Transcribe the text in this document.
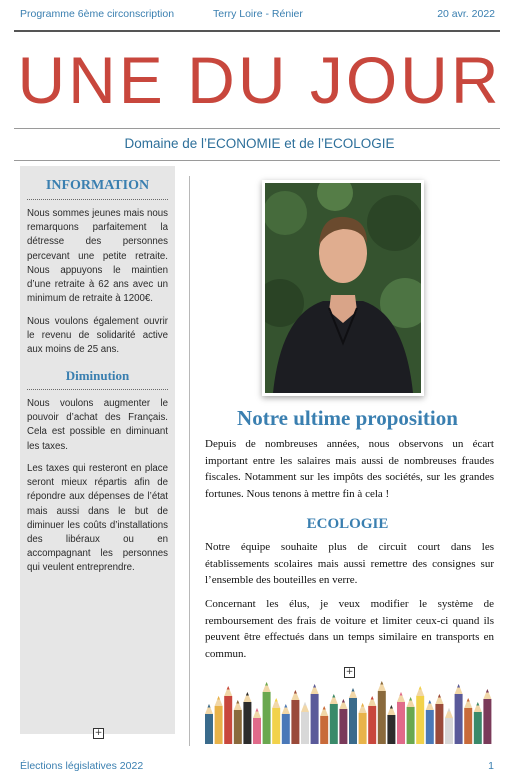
Programme 6ème circonscription	Terry Loire - Rénier	20 avr. 2022
UNE DU JOUR
Domaine de l’ECONOMIE et de l’ECOLOGIE
INFORMATION
Nous sommes jeunes mais nous remarquons parfaitement la détresse des personnes percevant une petite retraite. Nous appuyons le maintien d’une retraite à 62 ans avec un minimum de retraite à 1200€.
Nous voulons également ouvrir le revenu de solidarité active aux moins de 25 ans.
Diminution
Nous voulons augmenter le pouvoir d’achat des Français. Cela est possible en diminuant les taxes.
Les taxes qui resteront en place seront mieux répartis afin de répondre aux dépenses de l’état mais aussi dans le but de diminuer les coûts d’installations des libéraux ou en accompagnant les personnes qui veulent entreprendre.
+
Notre ultime proposition
Depuis de nombreuses années, nous observons un écart important entre les salaires mais aussi de nombreuses fraudes fiscales. Notamment sur les impôts des sociétés, sur les grandes fortunes. Nous tenons à mettre fin à cela !
ECOLOGIE
Notre équipe souhaite plus de circuit court dans les établissements scolaires mais aussi remettre des consignes sur l’ensemble des bouteilles en verre.
Concernant les élus, je veux modifier le système de remboursement des frais de voiture et limiter ceux-ci quand ils peuvent être effectués dans un temps similaire en transports en commun.
+
Élections législatives 2022	1
